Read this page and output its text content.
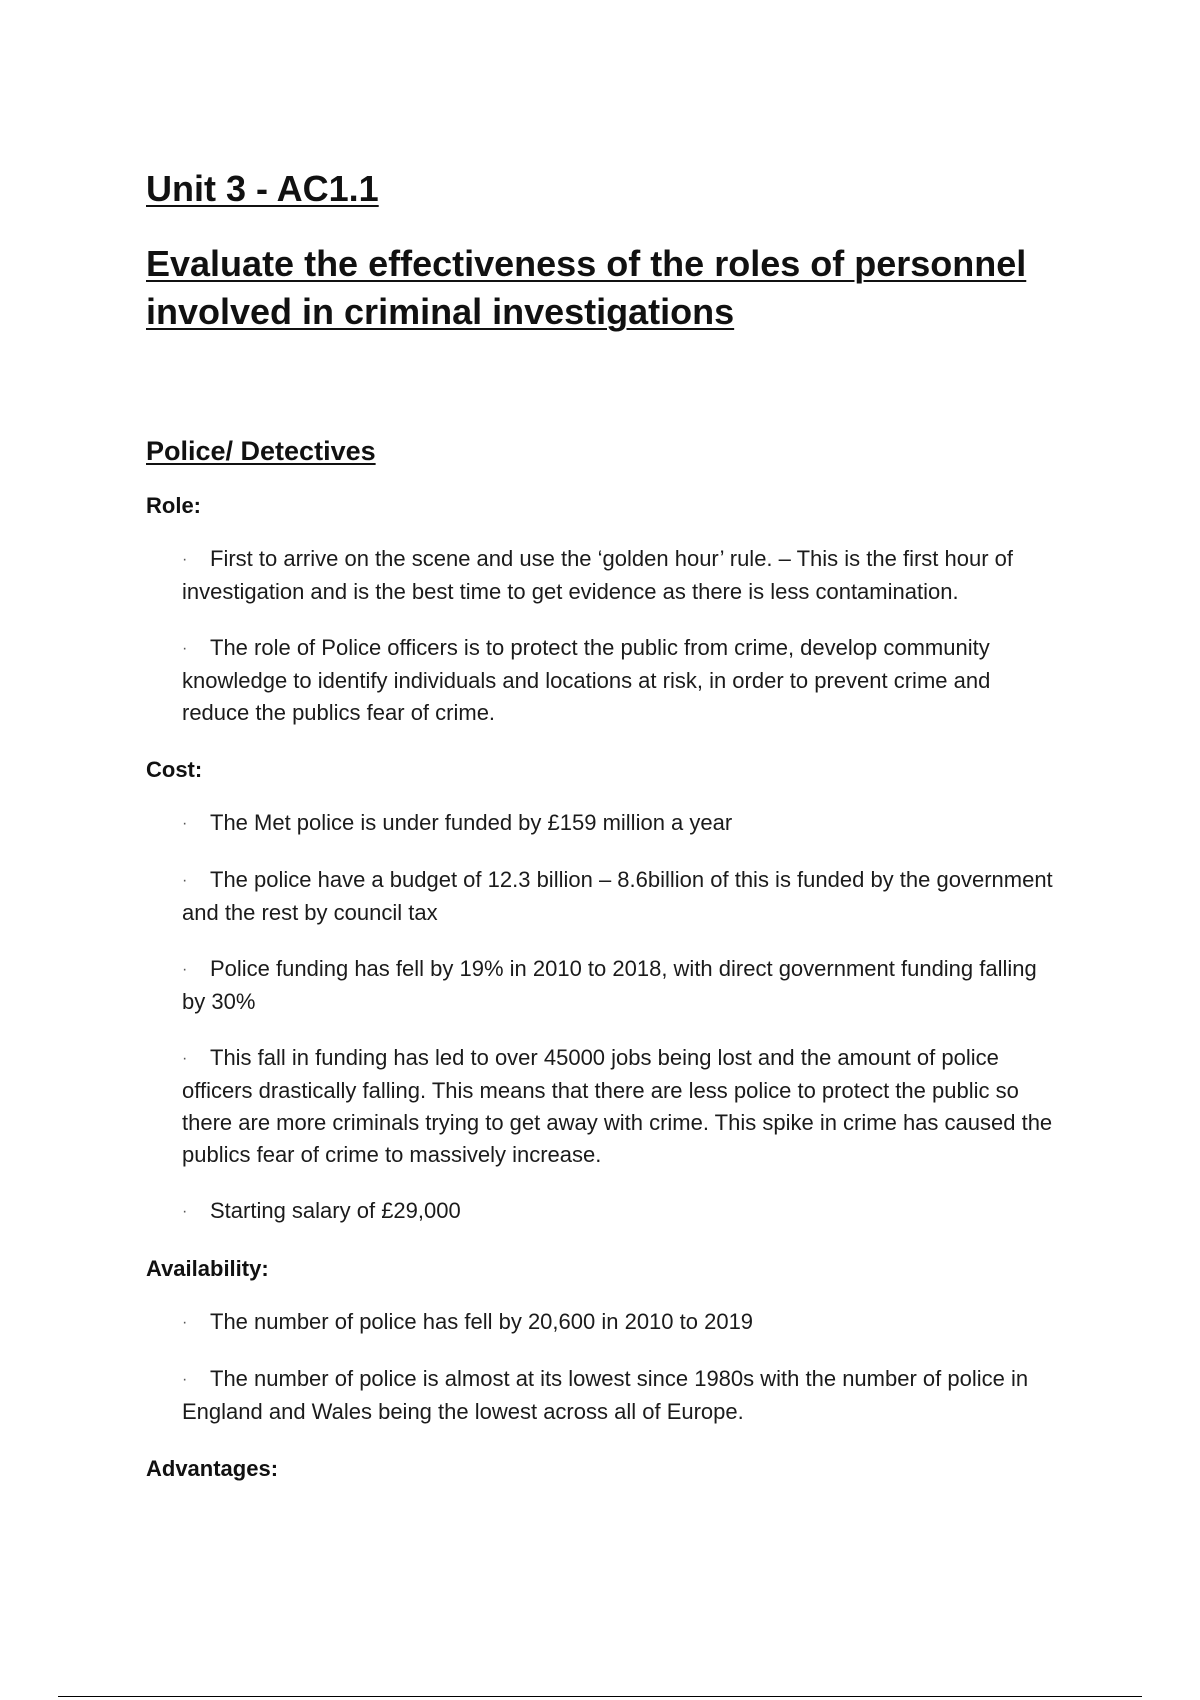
Unit 3 - AC1.1
Evaluate the effectiveness of the roles of personnel involved in criminal investigations
Police/ Detectives
Role:
· First to arrive on the scene and use the ‘golden hour’ rule. – This is the first hour of investigation and is the best time to get evidence as there is less contamination.
· The role of Police officers is to protect the public from crime, develop community knowledge to identify individuals and locations at risk, in order to prevent crime and reduce the publics fear of crime.
Cost:
· The Met police is under funded by £159 million a year
· The police have a budget of 12.3 billion – 8.6billion of this is funded by the government and the rest by council tax
· Police funding has fell by 19% in 2010 to 2018, with direct government funding falling by 30%
· This fall in funding has led to over 45000 jobs being lost and the amount of police officers drastically falling. This means that there are less police to protect the public so there are more criminals trying to get away with crime. This spike in crime has caused the publics fear of crime to massively increase.
· Starting salary of £29,000
Availability:
· The number of police has fell by 20,600 in 2010 to 2019
· The number of police is almost at its lowest since 1980s with the number of police in England and Wales being the lowest across all of Europe.
Advantages:
